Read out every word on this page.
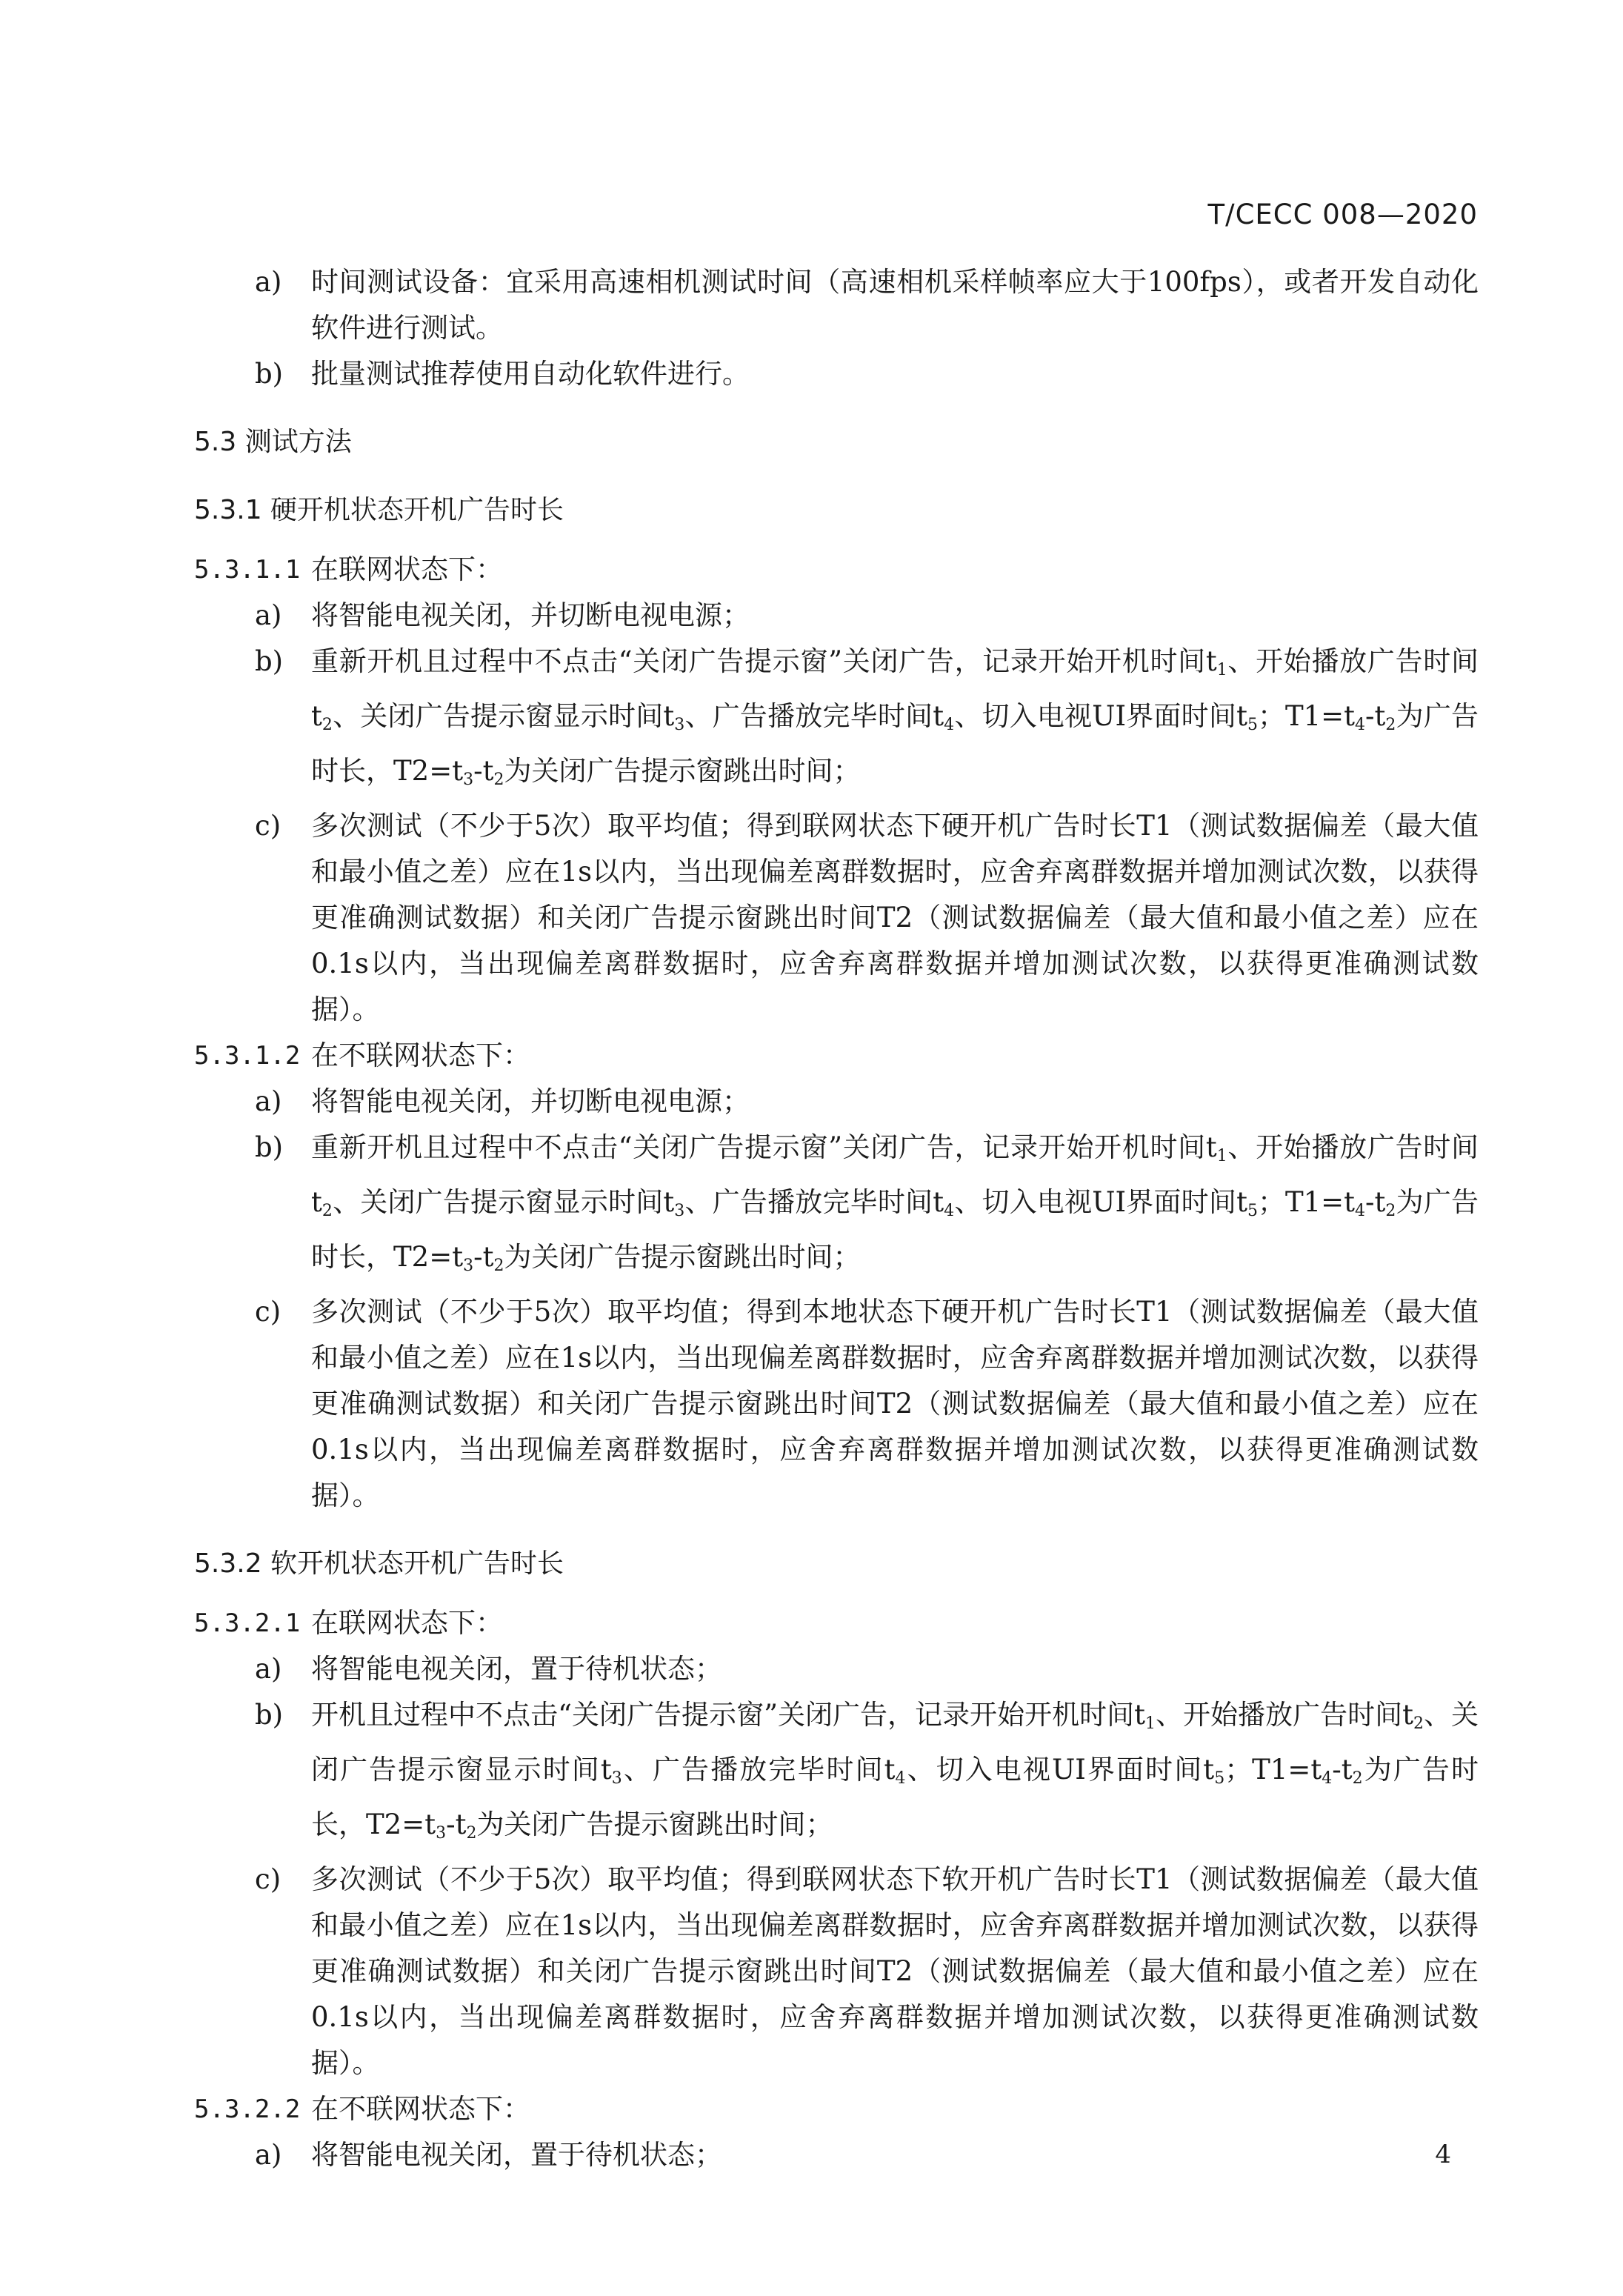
T/CECC 008—2020
a) 时间测试设备：宜采用高速相机测试时间（高速相机采样帧率应大于100fps），或者开发自动化软件进行测试。
b) 批量测试推荐使用自动化软件进行。
5.3 测试方法
5.3.1 硬开机状态开机广告时长
5.3.1.1 在联网状态下：
a) 将智能电视关闭，并切断电视电源；
b) 重新开机且过程中不点击“关闭广告提示窗”关闭广告，记录开始开机时间$t_1$、开始播放广告时间$t_2$、关闭广告提示窗显示时间$t_3$、广告播放完毕时间$t_4$、切入电视UI界面时间$t_5$；$T1=t_4-t_2$为广告时长，$T2=t_3-t_2$为关闭广告提示窗跳出时间；
c) 多次测试（不少于5次）取平均值；得到联网状态下硬开机广告时长T1（测试数据偏差（最大值和最小值之差）应在1s以内，当出现偏差离群数据时，应舍弃离群数据并增加测试次数，以获得更准确测试数据）和关闭广告提示窗跳出时间T2（测试数据偏差（最大值和最小值之差）应在0.1s以内，当出现偏差离群数据时，应舍弃离群数据并增加测试次数，以获得更准确测试数据）。
5.3.1.2 在不联网状态下：
a) 将智能电视关闭，并切断电视电源；
b) 重新开机且过程中不点击“关闭广告提示窗”关闭广告，记录开始开机时间$t_1$、开始播放广告时间$t_2$、关闭广告提示窗显示时间$t_3$、广告播放完毕时间$t_4$、切入电视UI界面时间$t_5$；$T1=t_4-t_2$为广告时长，$T2=t_3-t_2$为关闭广告提示窗跳出时间；
c) 多次测试（不少于5次）取平均值；得到本地状态下硬开机广告时长T1（测试数据偏差（最大值和最小值之差）应在1s以内，当出现偏差离群数据时，应舍弃离群数据并增加测试次数，以获得更准确测试数据）和关闭广告提示窗跳出时间T2（测试数据偏差（最大值和最小值之差）应在0.1s以内，当出现偏差离群数据时，应舍弃离群数据并增加测试次数，以获得更准确测试数据）。
5.3.2 软开机状态开机广告时长
5.3.2.1 在联网状态下：
a) 将智能电视关闭，置于待机状态；
b) 开机且过程中不点击“关闭广告提示窗”关闭广告，记录开始开机时间$t_1$、开始播放广告时间$t_2$、关闭广告提示窗显示时间$t_3$、广告播放完毕时间$t_4$、切入电视UI界面时间$t_5$；$T1=t_4-t_2$为广告时长，$T2=t_3-t_2$为关闭广告提示窗跳出时间；
c) 多次测试（不少于5次）取平均值；得到联网状态下软开机广告时长T1（测试数据偏差（最大值和最小值之差）应在1s以内，当出现偏差离群数据时，应舍弃离群数据并增加测试次数，以获得更准确测试数据）和关闭广告提示窗跳出时间T2（测试数据偏差（最大值和最小值之差）应在0.1s以内，当出现偏差离群数据时，应舍弃离群数据并增加测试次数，以获得更准确测试数据）。
5.3.2.2 在不联网状态下：
a) 将智能电视关闭，置于待机状态；	4
